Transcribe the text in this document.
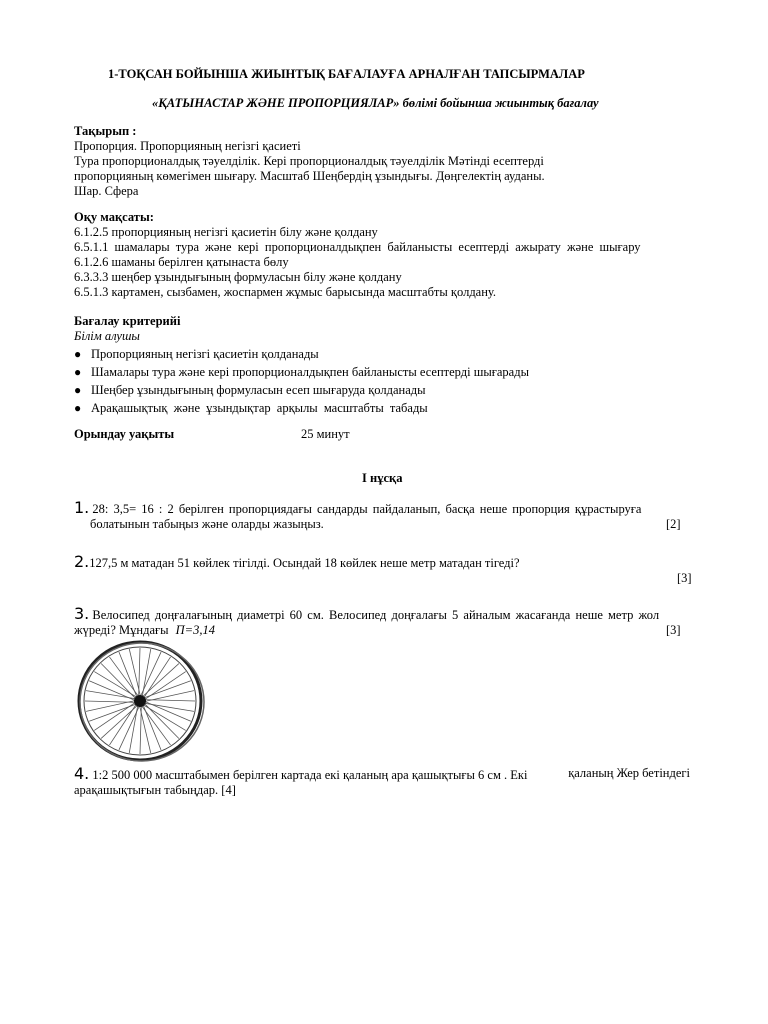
1-ТОҚСАН БОЙЫНША ЖИЫНТЫҚ БАҒАЛАУҒА АРНАЛҒАН ТАПСЫРМАЛАР
«ҚАТЫНАСТАР ЖӘНЕ ПРОПОРЦИЯЛАР» бөлімі бойынша жиынтық бағалау
Тақырып :
Пропорция. Пропорцияның негізгі қасиеті
Тура пропорционалдық тәуелділік. Кері пропорционалдық тәуелділік Мәтінді есептерді
пропорцияның көмегімен шығару. Масштаб Шеңбердің ұзындығы. Дөңгелектің ауданы.
Шар. Сфера
Оқу мақсаты:
6.1.2.5 пропорцияның негізгі қасиетін білу және қолдану
6.5.1.1 шамалары тура және кері пропорционалдықпен байланысты есептерді ажырату және шығару
6.1.2.6 шаманы берілген қатынаста бөлу
6.3.3.3 шеңбер ұзындығының формуласын білу және қолдану
6.5.1.3 картамен, сызбамен, жоспармен жұмыс барысында масштабты қолдану.
Бағалау критерийі
Білім алушы
● Пропорцияның негізгі қасиетін қолданады
● Шамалары тура және кері пропорционалдықпен байланысты есептерді шығарады
● Шеңбер ұзындығының формуласын есеп шығаруда қолданады
● Арақашықтық және ұзындықтар арқылы масштабты табады
Орындау уақыты	25 минут
I нұсқа
1. 28: 3,5= 16 : 2 берілген пропорциядағы сандарды пайдаланып, басқа неше пропорция құрастыруға
болатынын табыңыз және оларды жазыңыз.	[2]
2.127,5 м матадан 51 көйлек тігілді. Осындай 18 көйлек неше метр матадан тігеді?
[3]
3. Велосипед доңғалағының диаметрі 60 см. Велосипед доңғалағы 5 айналым жасағанда неше метр жол
жүреді? Мұндағы П=3,14	[3]
4. 1:2 500 000 масштабымен берілген картада екі қаланың ара қашықтығы 6 см . Екі	қаланың Жер бетіндегі
арақашықтығын табыңдар. [4]
